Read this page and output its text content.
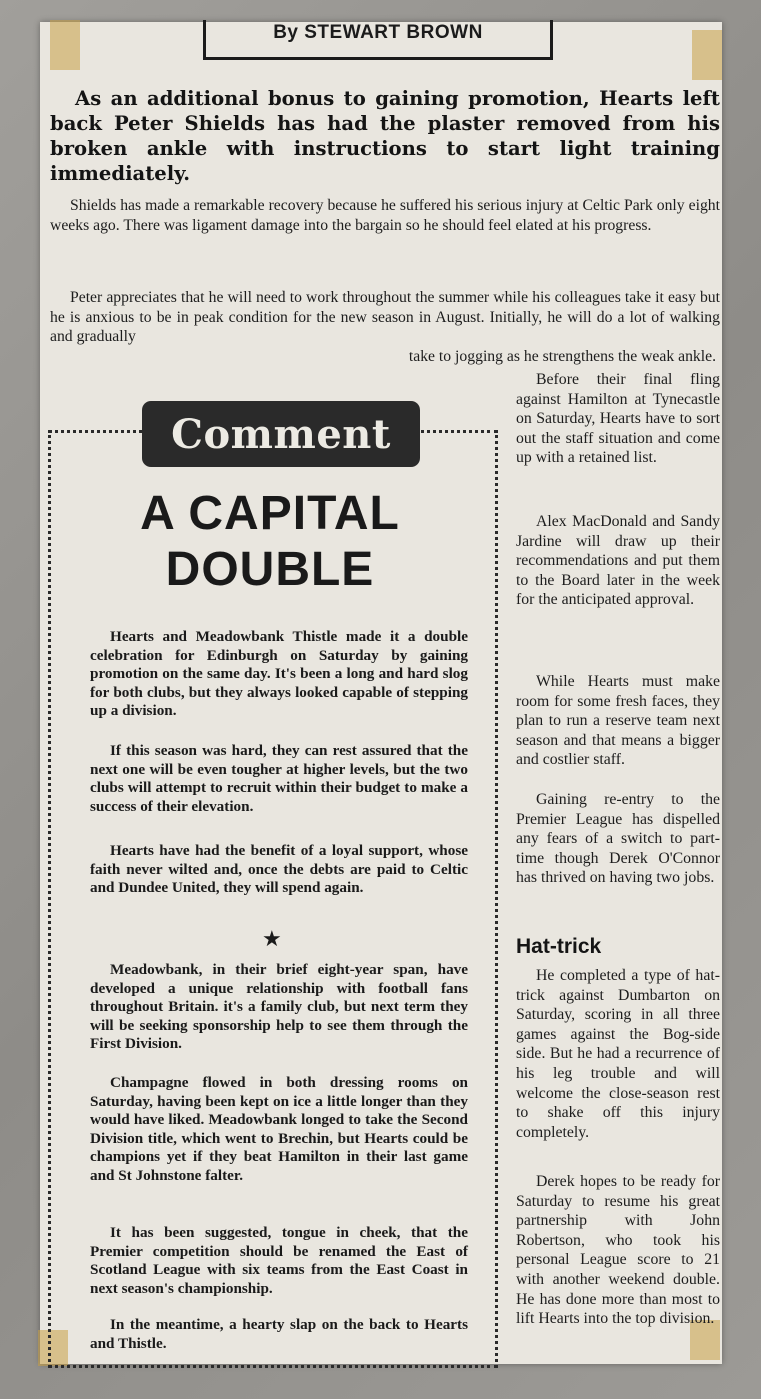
By STEWART BROWN
As an additional bonus to gaining promotion, Hearts left back Peter Shields has had the plaster removed from his broken ankle with instructions to start light training immediately.

Shields has made a remarkable recovery because he suffered his serious injury at Celtic Park only eight weeks ago. There was ligament damage into the bargain so he should feel elated at his progress.

Peter appreciates that he will need to work throughout the summer while his colleagues take it easy but he is anxious to be in peak condition for the new season in August. Initially, he will do a lot of walking and gradually

take to jogging as he strengthens the weak ankle.

Before their final fling against Hamilton at Tynecastle on Saturday, Hearts have to sort out the staff situation and come up with a retained list.

Alex MacDonald and Sandy Jardine will draw up their recommendations and put them to the Board later in the week for the anticipated approval.

While Hearts must make room for some fresh faces, they plan to run a reserve team next season and that means a bigger and costlier staff.

Gaining re-entry to the Premier League has dispelled any fears of a switch to part-time though Derek O'Connor has thrived on having two jobs.

Hat-trick

He completed a type of hat-trick against Dumbarton on Saturday, scoring in all three games against the Bog-side side. But he had a recurrence of his leg trouble and will welcome the close-season rest to shake off this injury completely.

Derek hopes to be ready for Saturday to resume his great partnership with John Robertson, who took his personal League score to 21 with another weekend double. He has done more than most to lift Hearts into the top division.

Comment
A CAPITAL DOUBLE

Hearts and Meadowbank Thistle made it a double celebration for Edinburgh on Saturday by gaining promotion on the same day. It's been a long and hard slog for both clubs, but they always looked capable of stepping up a division.

If this season was hard, they can rest assured that the next one will be even tougher at higher levels, but the two clubs will attempt to recruit within their budget to make a success of their elevation.

Hearts have had the benefit of a loyal support, whose faith never wilted and, once the debts are paid to Celtic and Dundee United, they will spend again.

★

Meadowbank, in their brief eight-year span, have developed a unique relationship with football fans throughout Britain. it's a family club, but next term they will be seeking sponsorship help to see them through the First Division.

Champagne flowed in both dressing rooms on Saturday, having been kept on ice a little longer than they would have liked. Meadowbank longed to take the Second Division title, which went to Brechin, but Hearts could be champions yet if they beat Hamilton in their last game and St Johnstone falter.

It has been suggested, tongue in cheek, that the Premier competition should be renamed the East of Scotland League with six teams from the East Coast in next season's championship.

In the meantime, a hearty slap on the back to Hearts and Thistle.
